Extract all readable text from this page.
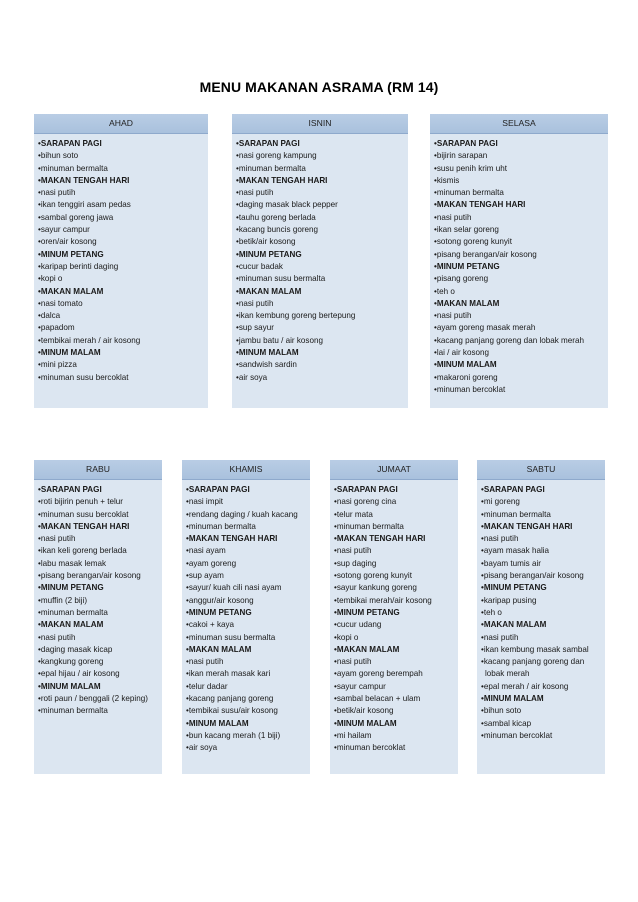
MENU MAKANAN ASRAMA (RM 14)
AHAD
•SARAPAN PAGI
•bihun soto
•minuman bermalta
•MAKAN TENGAH HARI
•nasi putih
•ikan tenggiri asam pedas
•sambal goreng jawa
•sayur campur
•oren/air kosong
•MINUM PETANG
•karipap berinti daging
•kopi o
•MAKAN MALAM
•nasi tomato
•dalca
•papadom
•tembikai merah / air kosong
•MINUM MALAM
•mini pizza
•minuman susu bercoklat
ISNIN
•SARAPAN PAGI
•nasi goreng kampung
•minuman bermalta
•MAKAN TENGAH HARI
•nasi putih
•daging masak black pepper
•tauhu goreng berlada
•kacang buncis goreng
•betik/air kosong
•MINUM PETANG
•cucur badak
•minuman susu bermalta
•MAKAN MALAM
•nasi putih
•ikan kembung goreng bertepung
•sup sayur
•jambu batu / air kosong
•MINUM MALAM
•sandwish sardin
•air soya
SELASA
•SARAPAN PAGI
•bijirin sarapan
•susu penih krim uht
•kismis
•minuman bermalta
•MAKAN TENGAH HARI
•nasi putih
•ikan selar goreng
•sotong goreng kunyit
•pisang berangan/air kosong
•MINUM PETANG
•pisang goreng
•teh o
•MAKAN MALAM
•nasi putih
•ayam goreng masak merah
•kacang panjang goreng dan lobak merah
•lai / air kosong
•MINUM MALAM
•makaroni goreng
•minuman bercoklat
RABU
•SARAPAN PAGI
•roti bijirin penuh + telur
•minuman susu bercoklat
•MAKAN TENGAH HARI
•nasi putih
•ikan keli goreng berlada
•labu masak lemak
•pisang berangan/air kosong
•MINUM PETANG
•muffin (2 biji)
•minuman bermalta
•MAKAN MALAM
•nasi putih
•daging masak kicap
•kangkung goreng
•epal hijau / air kosong
•MINUM MALAM
•roti paun / benggali (2 keping)
•minuman bermalta
KHAMIS
•SARAPAN PAGI
•nasi impit
•rendang daging / kuah kacang
•minuman bermalta
•MAKAN TENGAH HARI
•nasi ayam
•ayam goreng
•sup ayam
•sayur/ kuah cili nasi ayam
•anggur/air kosong
•MINUM PETANG
•cakoi + kaya
•minuman susu bermalta
•MAKAN MALAM
•nasi putih
•ikan merah masak kari
•telur dadar
•kacang panjang goreng
•tembikai susu/air kosong
•MINUM MALAM
•bun kacang merah (1 biji)
•air soya
JUMAAT
•SARAPAN PAGI
•nasi goreng cina
•telur mata
•minuman bermalta
•MAKAN TENGAH HARI
•nasi putih
•sup daging
•sotong goreng kunyit
•sayur kankung goreng
•tembikai merah/air kosong
•MINUM PETANG
•cucur udang
•kopi o
•MAKAN MALAM
•nasi putih
•ayam goreng berempah
•sayur campur
•sambal belacan + ulam
•betik/air kosong
•MINUM MALAM
•mi hailam
•minuman bercoklat
SABTU
•SARAPAN PAGI
•mi goreng
•minuman bermalta
•MAKAN TENGAH HARI
•nasi putih
•ayam masak halia
•bayam tumis air
•pisang berangan/air kosong
•MINUM PETANG
•karipap pusing
•teh o
•MAKAN MALAM
•nasi putih
•ikan kembung masak sambal
•kacang panjang goreng dan lobak merah
•epal merah / air kosong
•MINUM MALAM
•bihun soto
•sambal kicap
•minuman bercoklat
